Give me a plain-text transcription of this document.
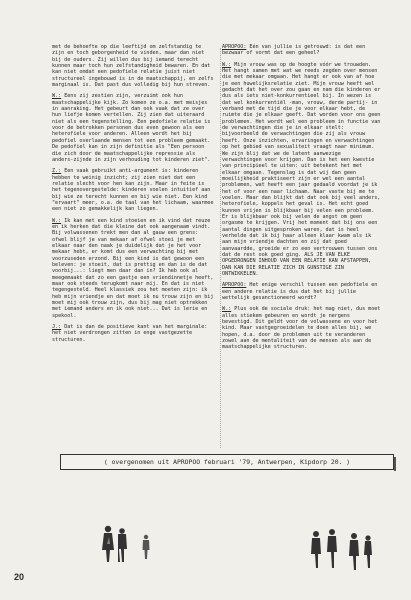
met de behoefte op die leeftijd om zelfstandig te zijn en toch geborgenheid te vinden, maar dan niet bij de ouders. Zij willen dus bij iemand terecht kunnen maar toch hun zelfstandigheid bewaren. En dat kan niet omdat een pedofiele relatie juist niet structureel ingebouwd is in de maatschappij, en zelfs marginaal is. Dat past dus volledig bij hun streven.

W.: Eens zij zestien zijn, verzuimt ook hun maatschappelijke kijk. Zo komen ze o.a. met meisjes in aanraking. Het gebeurt dan ook vaak dat ze over hun liefje komen vertellen. Zij zien dat uiteraard niet als een tegenstelling. Een pedofiele relatie is voor de betrokken personen dus even gewoon als een heterofiele voor anderen. Alleen wordt het bij pedofiel overlaande mensen tot een probleem gemaakt. De pedofiel kan in zijn definitie als "Een persoon die zich door de maatschappelijke repressie als anders-zijnde in zijn verhouding tot kinderen ziet".

Z.: Een vaak gebruikt anti-argument is: kinderen hebben te weinig inzicht; zij zien niet dat een relatie slecht voor hen kan zijn. Maar in feite is het tegenovergestelde: kinderen voelen intuitief aan bij wie ze terecht kunnen en bij wie niet. Een kind "ervaart" meer, o.a. de taal van het lichaam, waarmee een niet zo gemakkelijk kan liegen.

W.: Ik kan met een kind stoeien en ik vind dat reuze en ik herken dat die kleine dat ook aangenaam vindt. Bij volwassenen trekt men dan al gauw een grens: ofwel blijf je van mekaar af ofwel stoei je met elkaar naar den naak je duidelijk dat je het voor mekaar hebt, er komt dus een verwachting bij met voorzuseden erzond. Bij een kind is dat gewoon een beleven: je stoeit, dat is prettig en dan is de dat voorbij...: liegt men daar dan in? Ik heb ook al meegemaakt dat zo een gastje een vriendinnetje heeft, maar ook steeds terugkomt naar mij. En dat is niet tegengesteld. Heel klassiek zou het moeten zijn: ik heb mijn vriendje en dat moet ik nu trouw zijn en bij moet mij ook trouw zijn, dus bij mag niet optrekken met iemand anders en ik ook niet... Dat is lerie en spekool.

J.: Dat is dan de positieve kant van het marginale: het niet verdrongen zitten in enge vastgezette structuren.

APROPOO: Eén van jullie is getrouwd: is dat een bezwaar of vormt dat een geheel?

W.: Mijn vrouw was op de hoogte vóór we trouwden. Het hangt samen met wat we reeds zegden over mensen die met mekaar omgaan. Het hangt er ook van af hoe je een huwelijksrelatie ziet. Mijn vrouw heeft wel gedacht dat het over zou gaan en nam die kinderen er dus als iets niet-konkurrentieel bij. In wezen is dat wel konkurrentiël -man, vrouw, derde partij- in verband met de tijd die je voor elkaar hebt, de ruimte die je elkaar geeft. Dat worden voor ons geen problemen. Het wordt wel een probleem in functie van de verwachtingen die je in elkaar stelt: bijvoorbeeld de verwachtingen die zij als vrouw heeft. Onze inzichten, ervaringen en verwachtingen op het gebied van sexualiteit vraagt naar minimum. We zijn blij dat we de latent aanwezige verwachtingen voor krijgen. Dan is het een kwestie van principieel te uiten: uit betekent het met elkaar omgaan. Tegenslag is dat wij dan geen moeilijkheid praktiseert zijn er wel een aantal problemen, wat heeft een jaar gedaald voordat je ik het of voor een naar lichaam. Naar vaste bij me te voelen. Maar dan blijkt dat dat ook bij veel anders, heterofiele, koppels het geval is. Het echt goed kunnen vrijen is blijkbaar bij velen een probleem. Er is blijkbaar ook bij velen de angst om geen orgasme te krijgen. Vrij het moment dat bij ons een aantal dingen uitgesproken waren, dat is heel verhelde dat ik bij haar alleen klaar kwam als ik aan mijn vriendje dachten en zij dat goed aanvaardde, groeide er zo een vertrouwen tussen ons dat de rest ook goed ging. ALS JE VAN ELKE OPGEDRONGEN INHOUD VAN EEN RELATIE KAN AFSTAPPEN, DAN KAN DIE RELATIE ZICH IN GUNSTIGE ZIN ONTWIKKELEN.

APROPOO: Het enige verschil tussen een pedofiele en een andere relatie is dus dat het bij jullie wettelijk gesanctioneerd wordt?

W.: Plus ook de sociale druk: het mag niet, dus moet alles stiekem gebeuren en wordt je nergens bevestigd. Dit geldt voor de volwassene en voor het kind. Maar vastgegroeidelen te doen alles bij, we hopen, d.a. door de problemen uit te veranderen zowel aan de mentaliteit van de mensen als aan de maatschappelijke structuren.

( overgenomen uit APROPOO februari '79, Antwerpen, Kipdorp 20. )
20
